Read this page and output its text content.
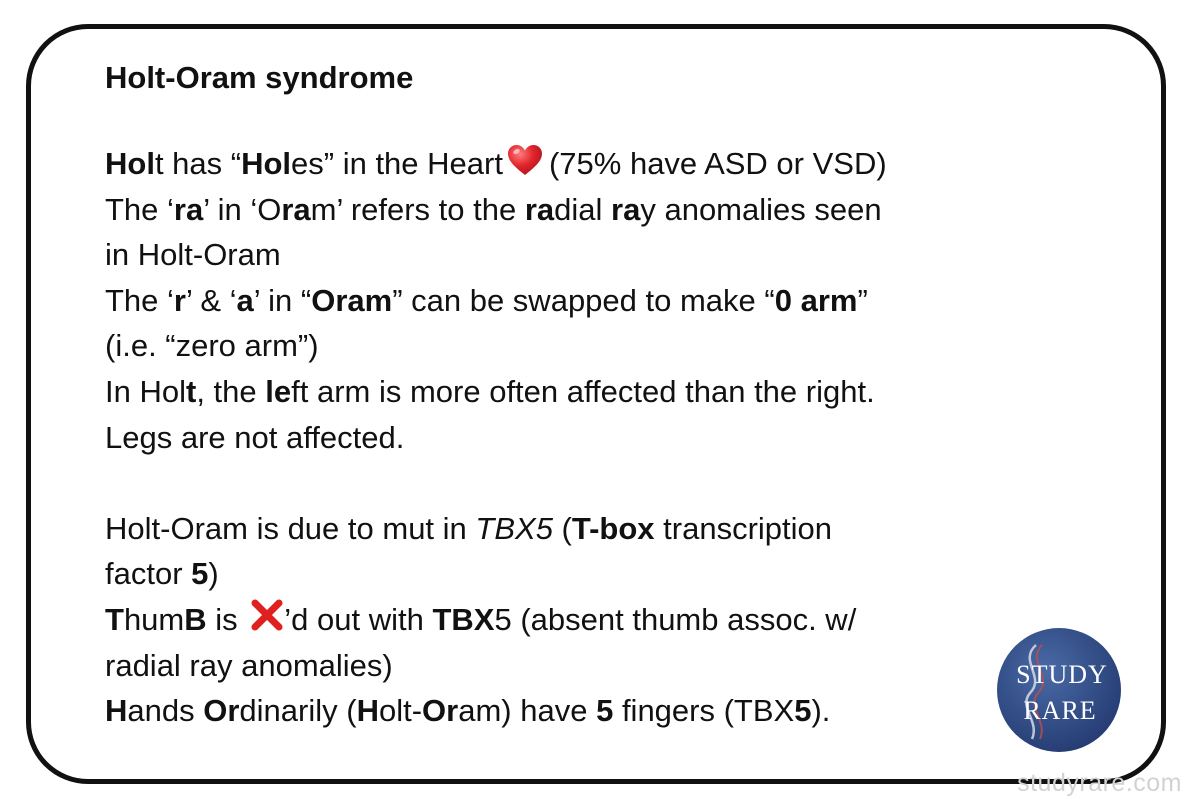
Holt-Oram syndrome
Holt has “Holes” in the Heart (75% have ASD or VSD)
The ‘ra’ in ‘Oram’ refers to the radial ray anomalies seen
in Holt-Oram
The ‘r’ & ‘a’ in “Oram” can be swapped to make “0 arm”
(i.e. “zero arm”)
In Holt, the left arm is more often affected than the right.
Legs are not affected.
Holt-Oram is due to mut in TBX5 (T-box transcription
factor 5)
ThumB is ’d out with TBX5 (absent thumb assoc. w/
radial ray anomalies)
Hands Ordinarily (Holt-Oram) have 5 fingers (TBX5).
STUDY
RARE
studyrare.com
